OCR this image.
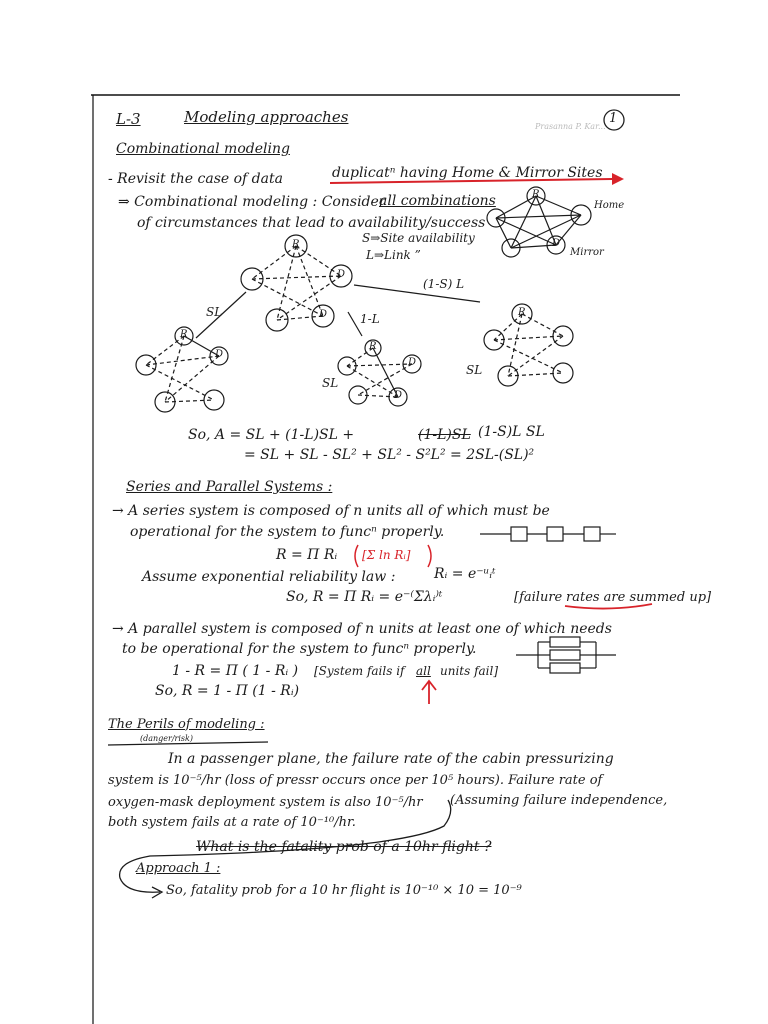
L-3	Modeling approaches
Prasanna P. Kar...
1
Combinational modeling
- Revisit the case of data	duplicatⁿ having Home & Mirror Sites
⇒ Combinational modeling : Consider
all combinations
of circumstances that lead to availability/success
S⇒Site availability
L⇒Link ”
R
D
Home
Mirror
R
D
D
SL	1-L
(1-S) L
R
D
R
D
D
SL
R
SL
So, A = SL + (1-L)SL +	(1-L)SL (1-S)L SL
= SL + SL - SL² + SL² - S²L² = 2SL-(SL)²
Series and Parallel Systems :
→ A series system is composed of n units all of which must be
operational for the system to funcⁿ properly.
R = Π Rᵢ [Σ ln Rᵢ]
Assume exponential reliability law :	Rᵢ = e⁻ᵘᵢᵗ
So, R = Π Rᵢ = e⁻⁽Σλᵢ⁾ᵗ	[failure rates are summed up]
→ A parallel system is composed of n units at least one of which needs
to be operational for the system to funcⁿ properly.
1 - R = Π ( 1 - Rᵢ ) [System fails if all units fail]
So, R = 1 - Π (1 - Rᵢ)
The Perils of modeling :
(danger/risk)
In a passenger plane, the failure rate of the cabin pressurizing
system is 10⁻⁵/hr (loss of pressr occurs once per 10⁵ hours). Failure rate of
oxygen-mask deployment system is also 10⁻⁵/hr (Assuming failure independence,
both system fails at a rate of 10⁻¹⁰/hr.
What is the fatality prob of a 10hr flight ?
Approach 1 :
So, fatality prob for a 10 hr flight is 10⁻¹⁰ × 10 = 10⁻⁹
